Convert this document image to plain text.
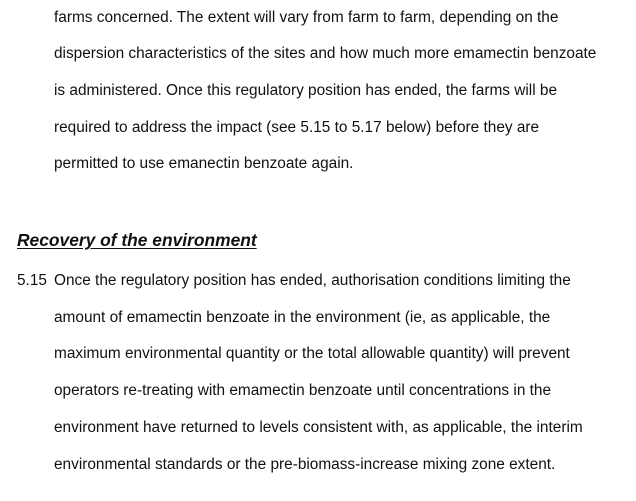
farms concerned. The extent will vary from farm to farm, depending on the
dispersion characteristics of the sites and how much more emamectin benzoate
is administered. Once this regulatory position has ended, the farms will be
required to address the impact (see 5.15 to 5.17 below) before they are
permitted to use emanectin benzoate again.
Recovery of the environment
5.15 Once the regulatory position has ended, authorisation conditions limiting the
amount of emamectin benzoate in the environment (ie, as applicable, the
maximum environmental quantity or the total allowable quantity) will prevent
operators re-treating with emamectin benzoate until concentrations in the
environment have returned to levels consistent with, as applicable, the interim
environmental standards or the pre-biomass-increase mixing zone extent.
